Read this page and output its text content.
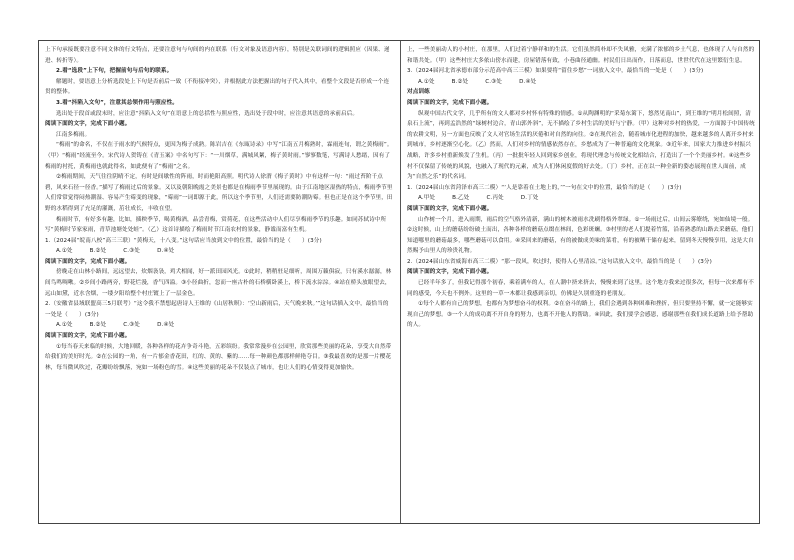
上下句承接既要注意不同文体的行文特点，还要注意句与句间的内在联系（行文对象及语意内容），特别是关联词间的逻辑照应（因果、递进、转折等）。

2.看“选段”上下句，把握前句与后句的联系。

解题时，要语意上分析选段处上下句是否前后一致（不衔接冲突），并根据此方法把握出的句子代入其中，看整个文段是否形成一个连贯的整体。

3.看“抖陷入文句”，注意其总领作用与照应性。

选出处于段首或段末时，应注意“抖陷入文句”在语意上的总括性与照应性，选出处于段中时，应注意其语意的承前启后。

阅读下面的文字，完成下面小题。

江南多梅雨。

“梅雨”的命名，不仅在于雨水的气候特点，更因为梅子成熟。陈岩吉在《东瓯诗录》中写“江南五月梅熟时，霖雨连旬，谓之黄梅雨”。（甲）“梅雨”经流至今。宋代诗人贺铸在《青玉案》中名句写下：“一川烟草，满城风絮，梅子黄时雨。”寥寥数笔，写满诗人愁绪，因有了梅雨的衬托，黄梅雨也就此得名，如此便有了“梅雨”之名。

②梅雨期间，天气往往阴晴不定，有时是间歇性的阵雨，时而艳阳高照。明代诗人徐渭《梅子黄时》中有这样一句：“雨过苔阶千点碧，风来石径一径香。”描写了梅雨过后的景象。又以及朝阳晚霞之美景也都是在梅雨季节里展现的。由于江南地区湿热的特点，梅雨季节里人们常常觉得闷热潮湿、容易产生霉变的现象，“霉雨”一词即源于此，所以这个季节里，人们还需要防潮防霉。但也正是在这个季节里，田野的水稻得到了充足的灌溉，茁壮成长，丰收在望。

梅雨时节，有好多有趣，比如，插秧季节，喝黄梅酒，品尝青梅，赏荷花，在这些活动中人们尽享梅雨季节的乐趣。如同苏轼诗中所写“黄梅时节家家雨，青草池塘处处蛙”。（乙）这首诗描绘了梅雨时节江南农村的景象，静谧而富有生机。

1.（2024届“皖南八校”高三三联）“黄梅天，十八变。”这句话应当放到文中的位置，最恰当的是（　　）(3分)

A.①处　　　B.②处　　　C.③处　　　D.④处

阅读下面的文字，完成下面小题。

傍晚走在山林小路间，远远望去，炊烟袅袅，鸡犬相闻，好一派田园风光。①此时，稍稍驻足细听，周围万籁俱寂，只有溪水潺潺，林间鸟鸣啁啾。②乡间小路两旁，野花烂漫，香气四溢。③小径曲折，忽而一座古朴的石桥横卧溪上，桥下流水淙淙。④站在桥头放眼望去，远山如黛，近水含烟，一缕夕阳给整个村庄镀上了一层金色。

2.（安徽省县域联盟高三5月联考）“这令我不禁想起唐诗人王维的《山居秋暝》：‘空山新雨后，天气晚来秋。’”这句话插入文中，最恰当的一处是（　　）(3分)

A.①处　　　B.②处　　　C.③处　　　D.④处

阅读下面的文字，完成下面小题。

①每当春天来临的时候，大地回暖，各种各样的花卉争奇斗艳，五彩缤纷。我常常漫步在公园里，欣赏那些美丽的花朵，享受大自然带给我们的美好时光。②在公园的一角，有一片郁金香花田，红的、黄的、紫的……每一种颜色都那样鲜艳夺目。③我最喜欢的是那一片樱花林，每当微风吹过，花瓣纷纷飘落，宛如一场粉色的雪。④这些美丽的花朵不仅装点了城市，也让人们的心情变得更加愉快。

上，一些美丽动人的小村庄，在那里，人们过着宁静祥和的生活。它们虽然简朴却不失风雅，充满了浓郁的乡土气息，也体现了人与自然的和谐共处。（甲）这些村庄大多依山傍水而建，房屋错落有致，小巷曲径通幽。村民们日出而作，日落而息，世世代代在这里繁衍生息。

3.（2024届河北省承德市部分示范高中高三三模）如果要将“留住乡愁”一词放入文中，最恰当的一处是（　　）(3分)

A.①处　　　B.②处　　　C.③处　　　D.④处

对点训练

阅读下面的文字，完成下面小题。

纵观中国古代文学，几乎所有的文人都对乡村怀有特殊的情感。①从陶渊明的“采菊东篱下，悠然见南山”，到王维的“明月松间照，清泉石上流”，再到孟浩然的“绿树村边合，青山郭外斜”，无不描绘了乡村生活的美好与宁静。（甲）这种对乡村的热爱，一方面源于中国传统的农耕文明，另一方面也反映了文人对官场生活的厌倦和对自然的向往。②在现代社会，随着城市化进程的加快，越来越多的人离开乡村来到城市，乡村逐渐空心化。（乙）然而，人们对乡村的情感依然存在，乡愁成为了一种普遍的文化现象。③近年来，国家大力推进乡村振兴战略，许多乡村重新焕发了生机。（丙）一批批年轻人回到家乡创业，将现代理念与传统文化相结合，打造出了一个个美丽乡村。④这些乡村不仅保留了传统的风貌，也融入了现代的元素，成为人们休闲度假的好去处。（丁）乡村，正在以一种全新的姿态展现在世人面前，成为“自然之乐”的代名词。

1.（2024届山东省菏泽市高三二模）“‘人是靠着在土地上的，’”一句在文中的位置，最恰当的是（　　）(3分)

A.甲处　　　B.乙处　　　C.丙处　　　D.丁处

阅读下面的文字，完成下面小题。

山作树一个月，进入雨期，雨后的空气格外清新，满山的树木被雨水洗刷得格外翠绿。①一场雨过后，山间云雾缭绕，宛如仙境一般。②这时候，山上的蘑菇纷纷破土而出，各种各样的蘑菇点缀在林间，色彩斑斓。③村里的老人们提着竹篮，沿着熟悉的山路去采蘑菇，他们知道哪里的蘑菇最多，哪些蘑菇可以食用。④采回来的蘑菇，有的被做成美味的菜肴，有的被晒干储存起来，留到冬天慢慢享用，这是大自然赐予山里人的珍贵礼物。

2.（2024届山东省威海市高三二模）“那一段风，吹过时，使得人心里清凉。”这句话放入文中，最恰当的是（　　）(3分)

阅读下面的文字，完成下面小题。

已经半年多了，但我记得那个初春，乘着满车的人，在人潮中挤来挤去，慢慢来到了这里。这个地方我来过很多次，但每一次来都有不同的感受，今天也不例外。这里的一草一木都让我感到亲切，仿佛是久别重逢的老朋友。

①每个人都有自己的梦想，也都有为梦想奋斗的权利。②在奋斗的路上，我们会遇到各种困难和挫折，但只要坚持不懈，就一定能够实现自己的梦想。③一个人的成功离不开自身的努力，也离不开他人的帮助。④因此，我们要学会感恩，感谢那些在我们成长道路上给予帮助的人。
